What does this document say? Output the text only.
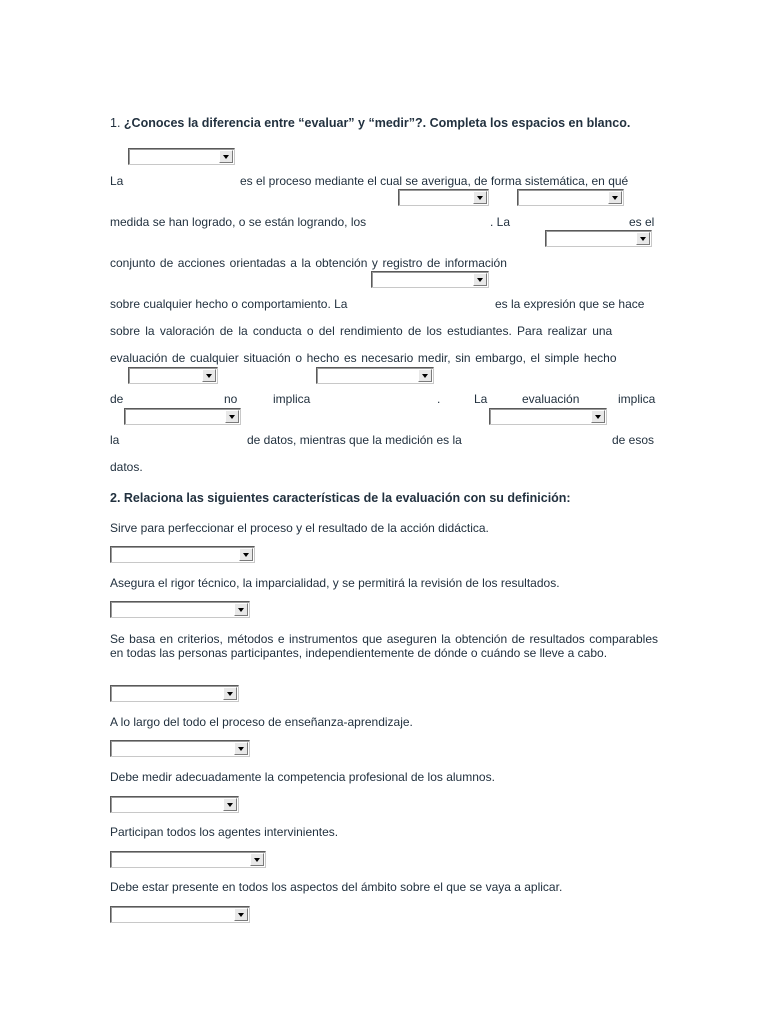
1. ¿Conoces la diferencia entre “evaluar” y “medir”?. Completa los espacios en blanco.
La	es el proceso mediante el cual se averigua, de forma sistemática, en qué
medida se han logrado, o se están logrando, los	. La	es el
conjunto de acciones orientadas a la obtención y registro de información
sobre cualquier hecho o comportamiento. La	es la expresión que se hace
sobre la valoración de la conducta o del rendimiento de los estudiantes. Para realizar una
evaluación de cualquier situación o hecho es necesario medir, sin embargo, el simple hecho
de	no	implica	.	La	evaluación	implica
la	de datos, mientras que la medición es la	de esos
datos.
2. Relaciona las siguientes características de la evaluación con su definición:
Sirve para perfeccionar el proceso y el resultado de la acción didáctica.
Asegura el rigor técnico, la imparcialidad, y se permitirá la revisión de los resultados.
Se basa en criterios, métodos e instrumentos que aseguren la obtención de resultados comparables en todas las personas participantes, independientemente de dónde o cuándo se lleve a cabo.
A lo largo del todo el proceso de enseñanza-aprendizaje.
Debe medir adecuadamente la competencia profesional de los alumnos.
Participan todos los agentes intervinientes.
Debe estar presente en todos los aspectos del ámbito sobre el que se vaya a aplicar.
